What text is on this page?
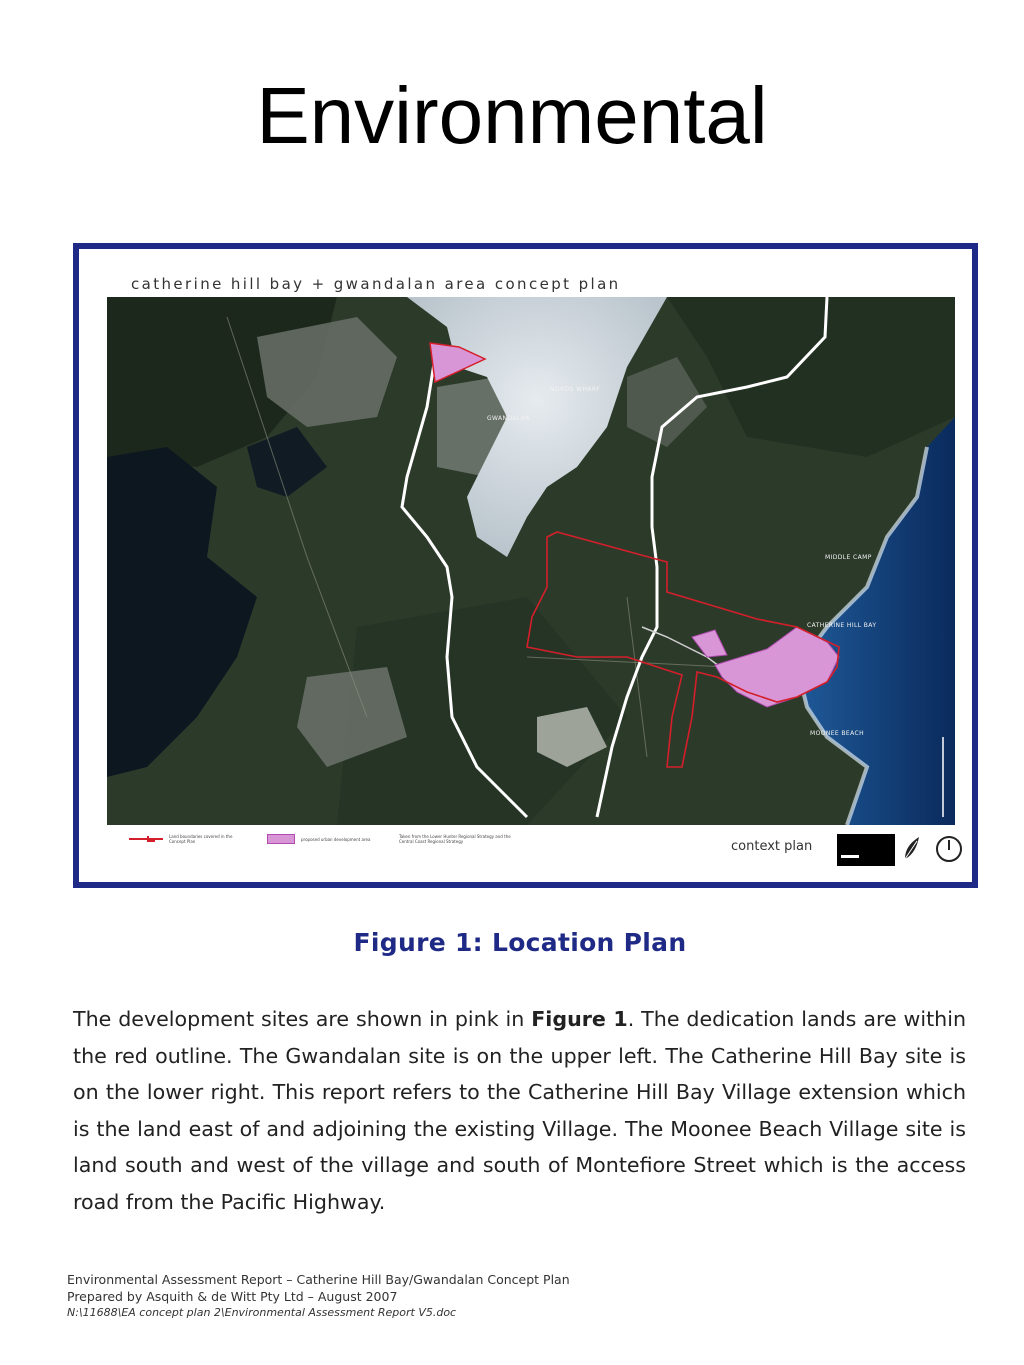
Environmental
catherine hill bay + gwandalan area concept plan
NORDS WHARF
GWANDALAN
MIDDLE CAMP
CATHERINE HILL BAY
MOONEE BEACH
Land boundaries covered in the Concept Plan	proposed urban development area	Taken from the Lower Hunter Regional Strategy and the Central Coast Regional Strategy	context plan
Figure 1: Location Plan
The development sites are shown in pink in Figure 1. The dedication lands are within the red outline. The Gwandalan site is on the upper left. The Catherine Hill Bay site is on the lower right. This report refers to the Catherine Hill Bay Village extension which is the land east of and adjoining the existing Village. The Moonee Beach Village site is land south and west of the village and south of Montefiore Street which is the access road from the Pacific Highway.
Environmental Assessment Report – Catherine Hill Bay/Gwandalan Concept Plan
Prepared by Asquith & de Witt Pty Ltd – August 2007
N:\11688\EA concept plan 2\Environmental Assessment Report V5.doc
